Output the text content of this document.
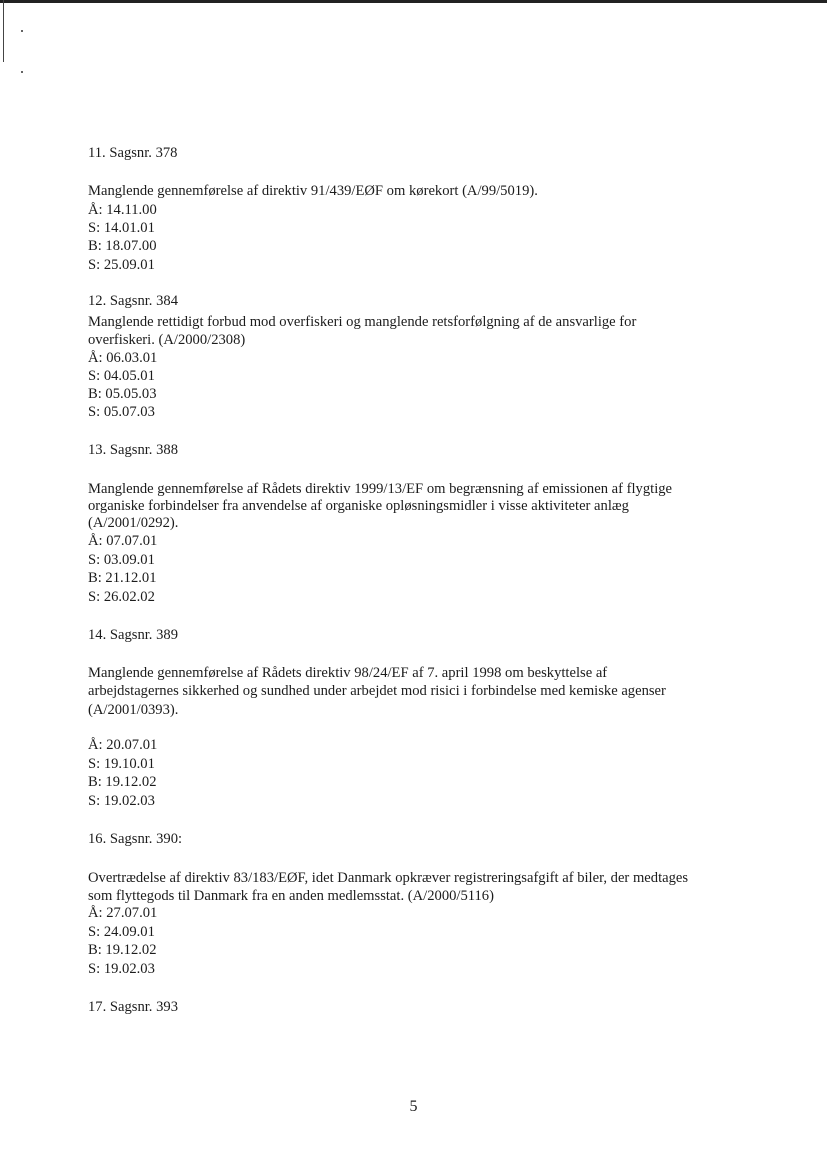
11. Sagsnr. 378
Manglende gennemførelse af direktiv 91/439/EØF om kørekort (A/99/5019).
Å: 14.11.00
S: 14.01.01
B: 18.07.00
S: 25.09.01
12. Sagsnr. 384
Manglende rettidigt forbud mod overfiskeri og manglende retsforfølgning af de ansvarlige for
overfiskeri. (A/2000/2308)
Å: 06.03.01
S: 04.05.01
B: 05.05.03
S: 05.07.03
13. Sagsnr. 388
Manglende gennemførelse af Rådets direktiv 1999/13/EF om begrænsning af emissionen af flygtige
organiske forbindelser fra anvendelse af organiske opløsningsmidler i visse aktiviteter anlæg
(A/2001/0292).
Å: 07.07.01
S: 03.09.01
B: 21.12.01
S: 26.02.02
14. Sagsnr. 389
Manglende gennemførelse af Rådets direktiv 98/24/EF af 7. april 1998 om beskyttelse af
arbejdstagernes sikkerhed og sundhed under arbejdet mod risici i forbindelse med kemiske agenser
(A/2001/0393).
Å: 20.07.01
S: 19.10.01
B: 19.12.02
S: 19.02.03
16. Sagsnr. 390:
Overtrædelse af direktiv 83/183/EØF, idet Danmark opkræver registreringsafgift af biler, der medtages
som flyttegods til Danmark fra en anden medlemsstat. (A/2000/5116)
Å: 27.07.01
S: 24.09.01
B: 19.12.02
S: 19.02.03
17. Sagsnr. 393
5
